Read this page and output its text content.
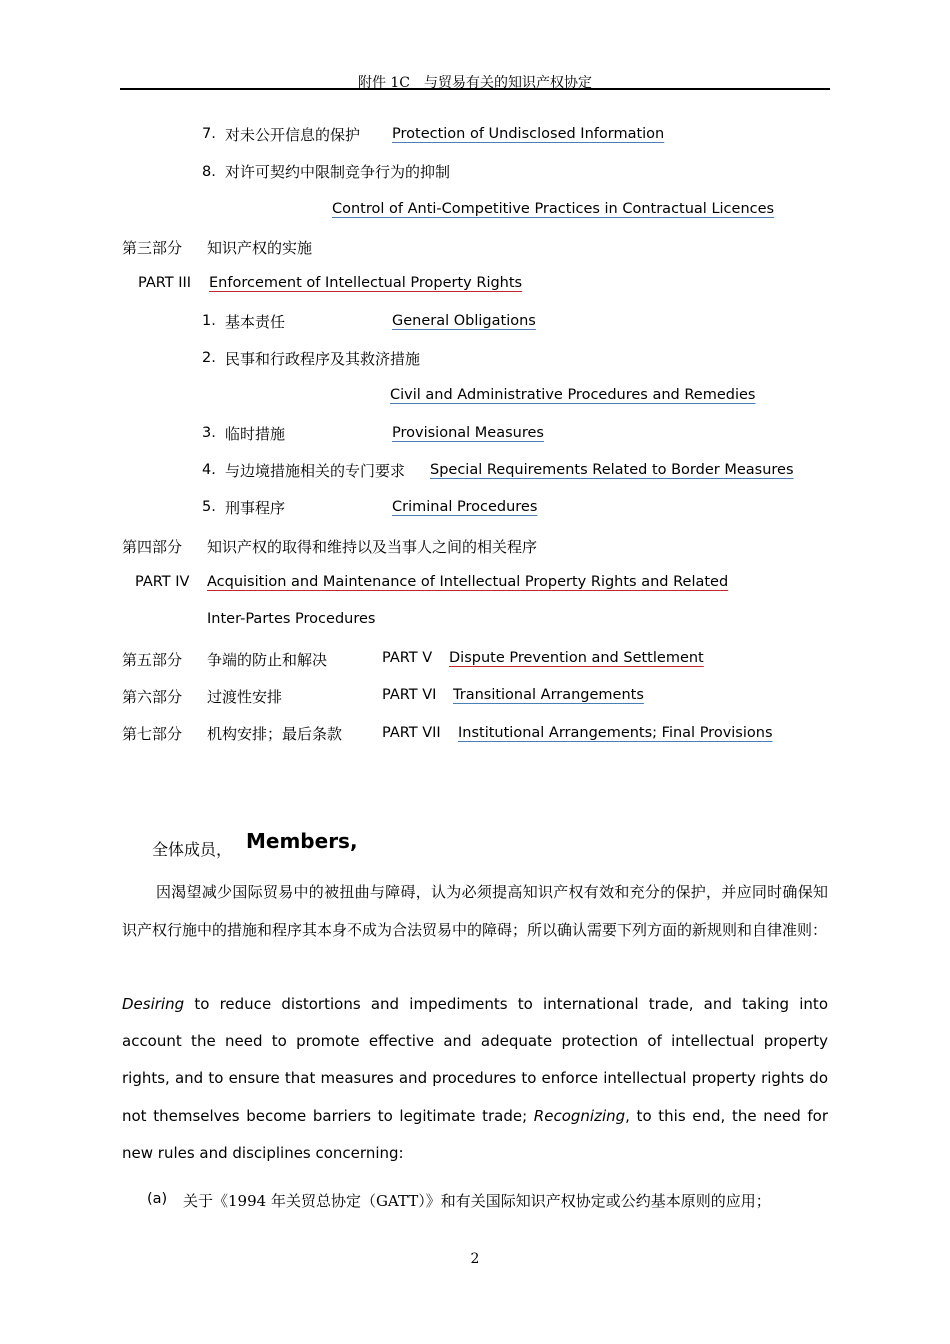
附件 1C　与贸易有关的知识产权协定
7. 对未公开信息的保护 Protection of Undisclosed Information
8. 对许可契约中限制竞争行为的抑制
Control of Anti-Competitive Practices in Contractual Licences
第三部分 知识产权的实施
PART III Enforcement of Intellectual Property Rights
1. 基本责任	General Obligations
2. 民事和行政程序及其救济措施
Civil and Administrative Procedures and Remedies
3. 临时措施	Provisional Measures
4. 与边境措施相关的专门要求 Special Requirements Related to Border Measures
5. 刑事程序	Criminal Procedures
第四部分 知识产权的取得和维持以及当事人之间的相关程序
PART IV Acquisition and Maintenance of Intellectual Property Rights and Related
Inter-Partes Procedures
第五部分 争端的防止和解决	PART V Dispute Prevention and Settlement
第六部分 过渡性安排	PART VI Transitional Arrangements
第七部分 机构安排；最后条款	PART VII Institutional Arrangements; Final Provisions
全体成员， Members,
因渴望减少国际贸易中的被扭曲与障碍，认为必须提高知识产权有效和充分的保护，并应同时确保知识产权行施中的措施和程序其本身不成为合法贸易中的障碍；所以确认需要下列方面的新规则和自律准则：
Desiring to reduce distortions and impediments to international trade, and taking into account the need to promote effective and adequate protection of intellectual property rights, and to ensure that measures and procedures to enforce intellectual property rights do not themselves become barriers to legitimate trade; Recognizing, to this end, the need for new rules and disciplines concerning:
(a) 关于《1994 年关贸总协定（GATT）》和有关国际知识产权协定或公约基本原则的应用；
2
